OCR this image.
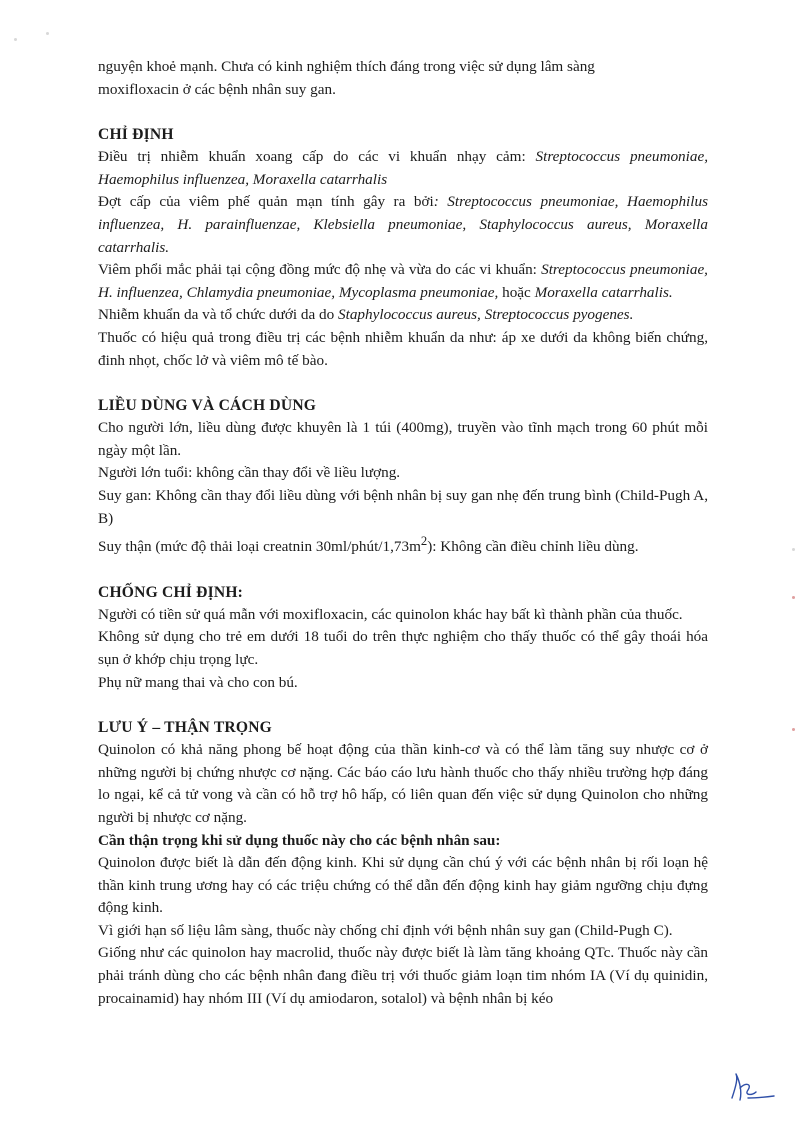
nguyện khoẻ mạnh. Chưa có kinh nghiệm thích đáng trong việc sử dụng lâm sàng
moxifloxacin ở các bệnh nhân suy gan.

CHỈ ĐỊNH

Điều trị nhiễm khuẩn xoang cấp do các vi khuẩn nhạy cảm: Streptococcus pneumoniae, Haemophilus influenzea, Moraxella catarrhalis

Đợt cấp của viêm phế quản mạn tính gây ra bởi: Streptococcus pneumoniae, Haemophilus influenzea, H. parainfluenzae, Klebsiella pneumoniae, Staphylococcus aureus, Moraxella catarrhalis.

Viêm phổi mắc phải tại cộng đồng mức độ nhẹ và vừa do các vi khuẩn: Streptococcus pneumoniae, H. influenzea, Chlamydia pneumoniae, Mycoplasma pneumoniae, hoặc Moraxella catarrhalis.

Nhiễm khuẩn da và tổ chức dưới da do Staphylococcus aureus, Streptococcus pyogenes.

Thuốc có hiệu quả trong điều trị các bệnh nhiễm khuẩn da như: áp xe dưới da không biến chứng, đinh nhọt, chốc lở và viêm mô tế bào.

LIỀU DÙNG VÀ CÁCH DÙNG

Cho người lớn, liều dùng được khuyên là 1 túi (400mg), truyền vào tĩnh mạch trong 60 phút mỗi ngày một lần.

Người lớn tuổi: không cần thay đổi về liều lượng.

Suy gan: Không cần thay đổi liều dùng với bệnh nhân bị suy gan nhẹ đến trung bình (Child-Pugh A, B)

Suy thận (mức độ thải loại creatnin $30ml/phút/1,73m^2$): Không cần điều chỉnh liều dùng.

CHỐNG CHỈ ĐỊNH:

Người có tiền sử quá mẫn với moxifloxacin, các quinolon khác hay bất kì thành phần của thuốc.

Không sử dụng cho trẻ em dưới 18 tuổi do trên thực nghiệm cho thấy thuốc có thể gây thoái hóa sụn ở khớp chịu trọng lực.

Phụ nữ mang thai và cho con bú.

LƯU Ý – THẬN TRỌNG

Quinolon có khả năng phong bế hoạt động của thần kinh-cơ và có thể làm tăng suy nhược cơ ở những người bị chứng nhược cơ nặng. Các báo cáo lưu hành thuốc cho thấy nhiều trường hợp đáng lo ngại, kể cả tử vong và cần có hỗ trợ hô hấp, có liên quan đến việc sử dụng Quinolon cho những người bị nhược cơ nặng.

Cần thận trọng khi sử dụng thuốc này cho các bệnh nhân sau:

Quinolon được biết là dẫn đến động kinh. Khi sử dụng cần chú ý với các bệnh nhân bị rối loạn hệ thần kinh trung ương hay có các triệu chứng có thể dẫn đến động kinh hay giảm ngưỡng chịu đựng động kinh.

Vì giới hạn số liệu lâm sàng, thuốc này chống chỉ định với bệnh nhân suy gan (Child-Pugh C).

Giống như các quinolon hay macrolid, thuốc này được biết là làm tăng khoảng QTc. Thuốc này cần phải tránh dùng cho các bệnh nhân đang điều trị với thuốc giảm loạn tim nhóm IA (Ví dụ quinidin, procainamid) hay nhóm III (Ví dụ amiodaron, sotalol) và bệnh nhân bị kéo
